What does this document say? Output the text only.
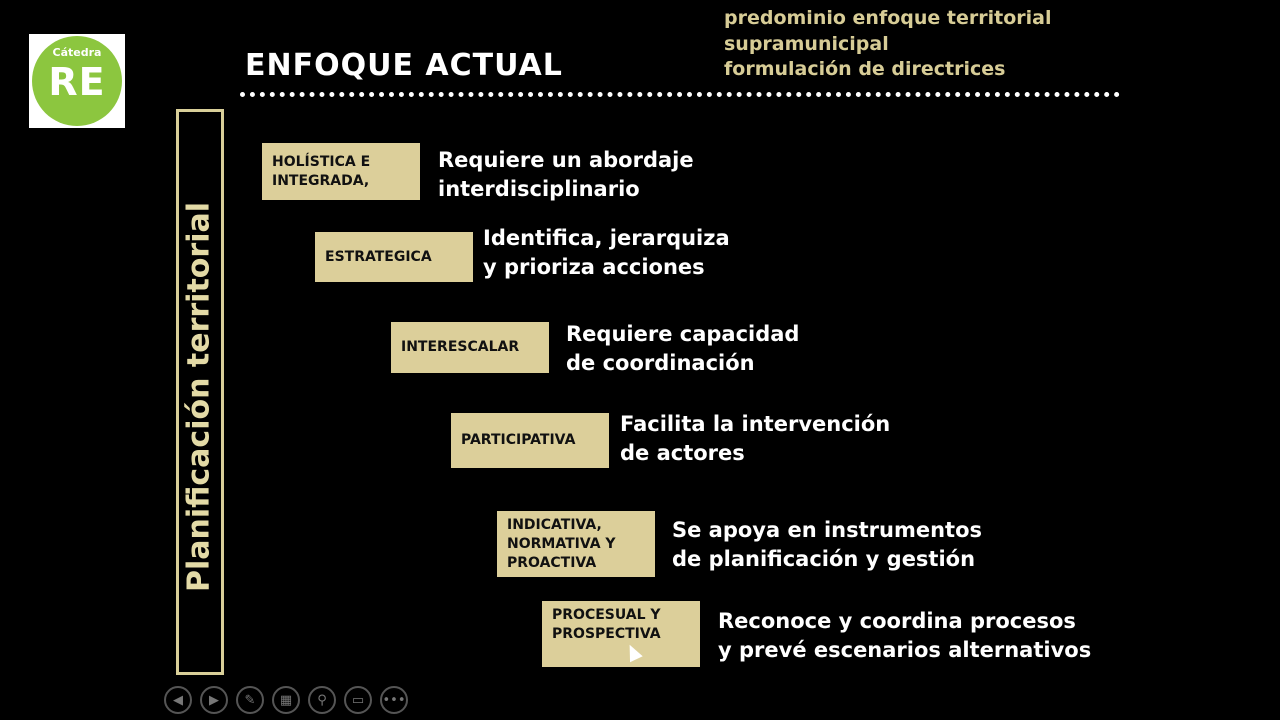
Cátedra
RE	ENFOQUE ACTUAL
predominio enfoque territorial
supramunicipal
formulación de directrices
Planificación territorial
HOLÍSTICA E
INTEGRADA,
Requiere un abordaje
interdisciplinario
ESTRATEGICA
Identifica, jerarquiza
y prioriza acciones
INTERESCALAR
Requiere capacidad
de coordinación
PARTICIPATIVA
Facilita la intervención
de actores
INDICATIVA,
NORMATIVA Y
PROACTIVA
Se apoya en instrumentos
de planificación y gestión
PROCESUAL Y
PROSPECTIVA
Reconoce y coordina procesos
y prevé escenarios alternativos
◀	▶	✎	▦	⚲	▭	•••
